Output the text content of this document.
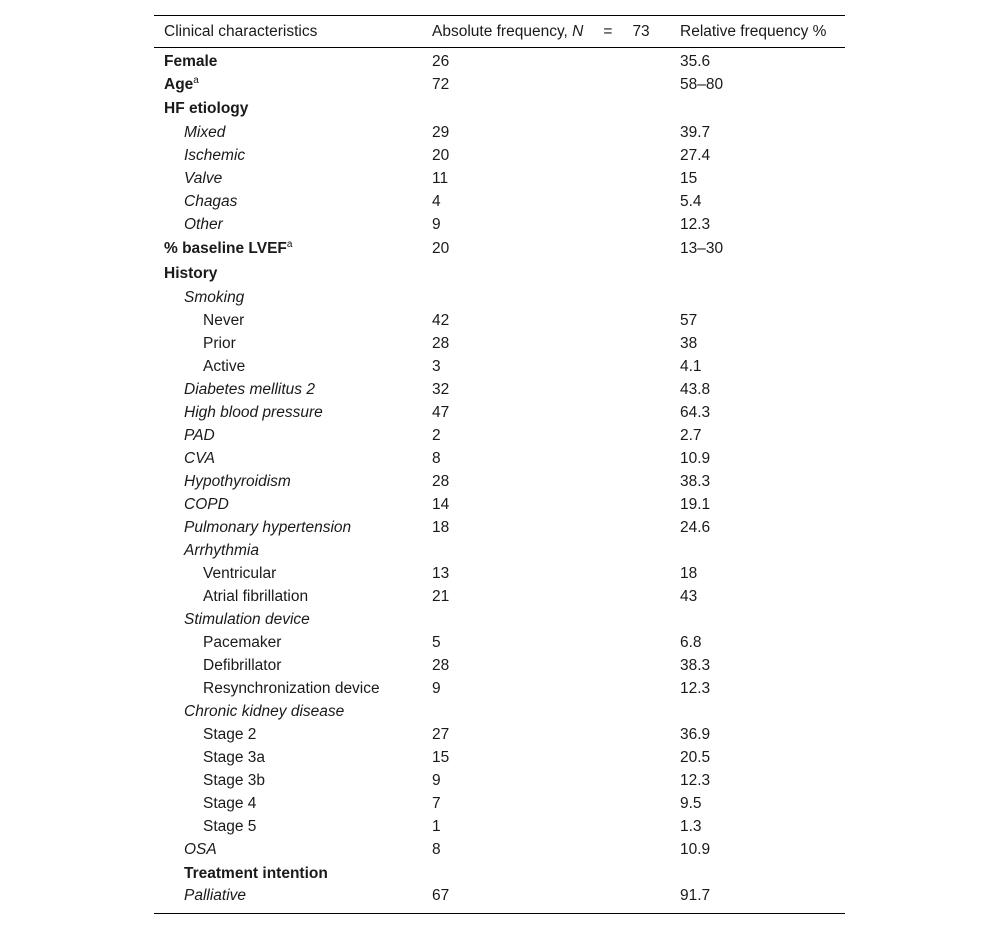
Clinical characteristics	Absolute frequency, N = 73	Relative frequency %
Female	26	35.6
Age$^a$	72	58–80
HF etiology		
Mixed	29	39.7
Ischemic	20	27.4
Valve	11	15
Chagas	4	5.4
Other	9	12.3
% baseline LVEF$^a$	20	13–30
History		
Smoking		
Never	42	57
Prior	28	38
Active	3	4.1
Diabetes mellitus 2	32	43.8
High blood pressure	47	64.3
PAD	2	2.7
CVA	8	10.9
Hypothyroidism	28	38.3
COPD	14	19.1
Pulmonary hypertension	18	24.6
Arrhythmia		
Ventricular	13	18
Atrial fibrillation	21	43
Stimulation device		
Pacemaker	5	6.8
Defibrillator	28	38.3
Resynchronization device	9	12.3
Chronic kidney disease		
Stage 2	27	36.9
Stage 3a	15	20.5
Stage 3b	9	12.3
Stage 4	7	9.5
Stage 5	1	1.3
OSA	8	10.9
Treatment intention		
Palliative	67	91.7
